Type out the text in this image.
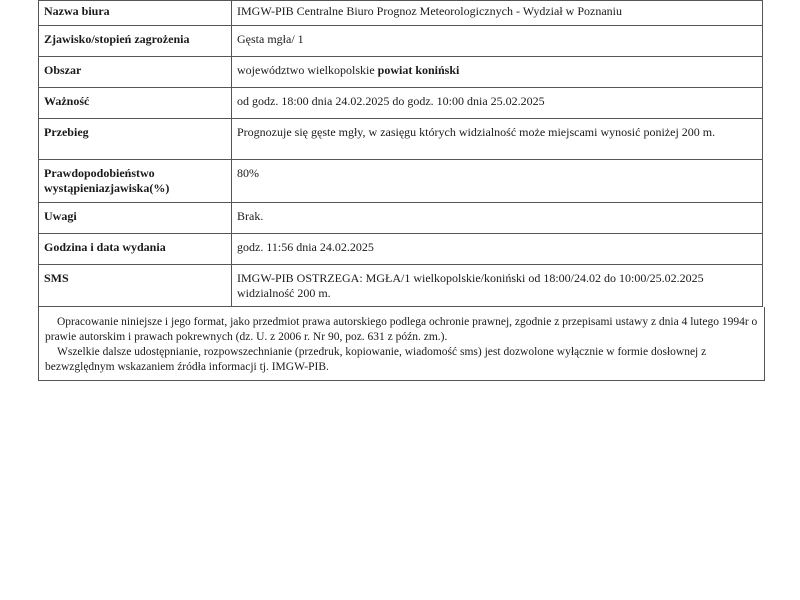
Nazwa biura	IMGW-PIB Centralne Biuro Prognoz Meteorologicznych - Wydział w Poznaniu
Zjawisko/stopień zagrożenia	Gęsta mgła/ 1
Obszar	województwo wielkopolskie powiat koniński
Ważność	od godz. 18:00 dnia 24.02.2025 do godz. 10:00 dnia 25.02.2025
Przebieg	Prognozuje się gęste mgły, w zasięgu których widzialność może miejscami wynosić poniżej 200 m.
Prawdopodobieństwo wystąpieniazjawiska(%)	80%
Uwagi	Brak.
Godzina i data wydania	godz. 11:56 dnia 24.02.2025
SMS	IMGW-PIB OSTRZEGA: MGŁA/1 wielkopolskie/koniński od 18:00/24.02 do 10:00/25.02.2025 widzialność 200 m.

Opracowanie niniejsze i jego format, jako przedmiot prawa autorskiego podlega ochronie prawnej, zgodnie z przepisami ustawy z dnia 4 lutego 1994r o prawie autorskim i prawach pokrewnych (dz. U. z 2006 r. Nr 90, poz. 631 z późn. zm.).

Wszelkie dalsze udostępnianie, rozpowszechnianie (przedruk, kopiowanie, wiadomość sms) jest dozwolone wyłącznie w formie dosłownej z bezwzględnym wskazaniem źródła informacji tj. IMGW-PIB.
